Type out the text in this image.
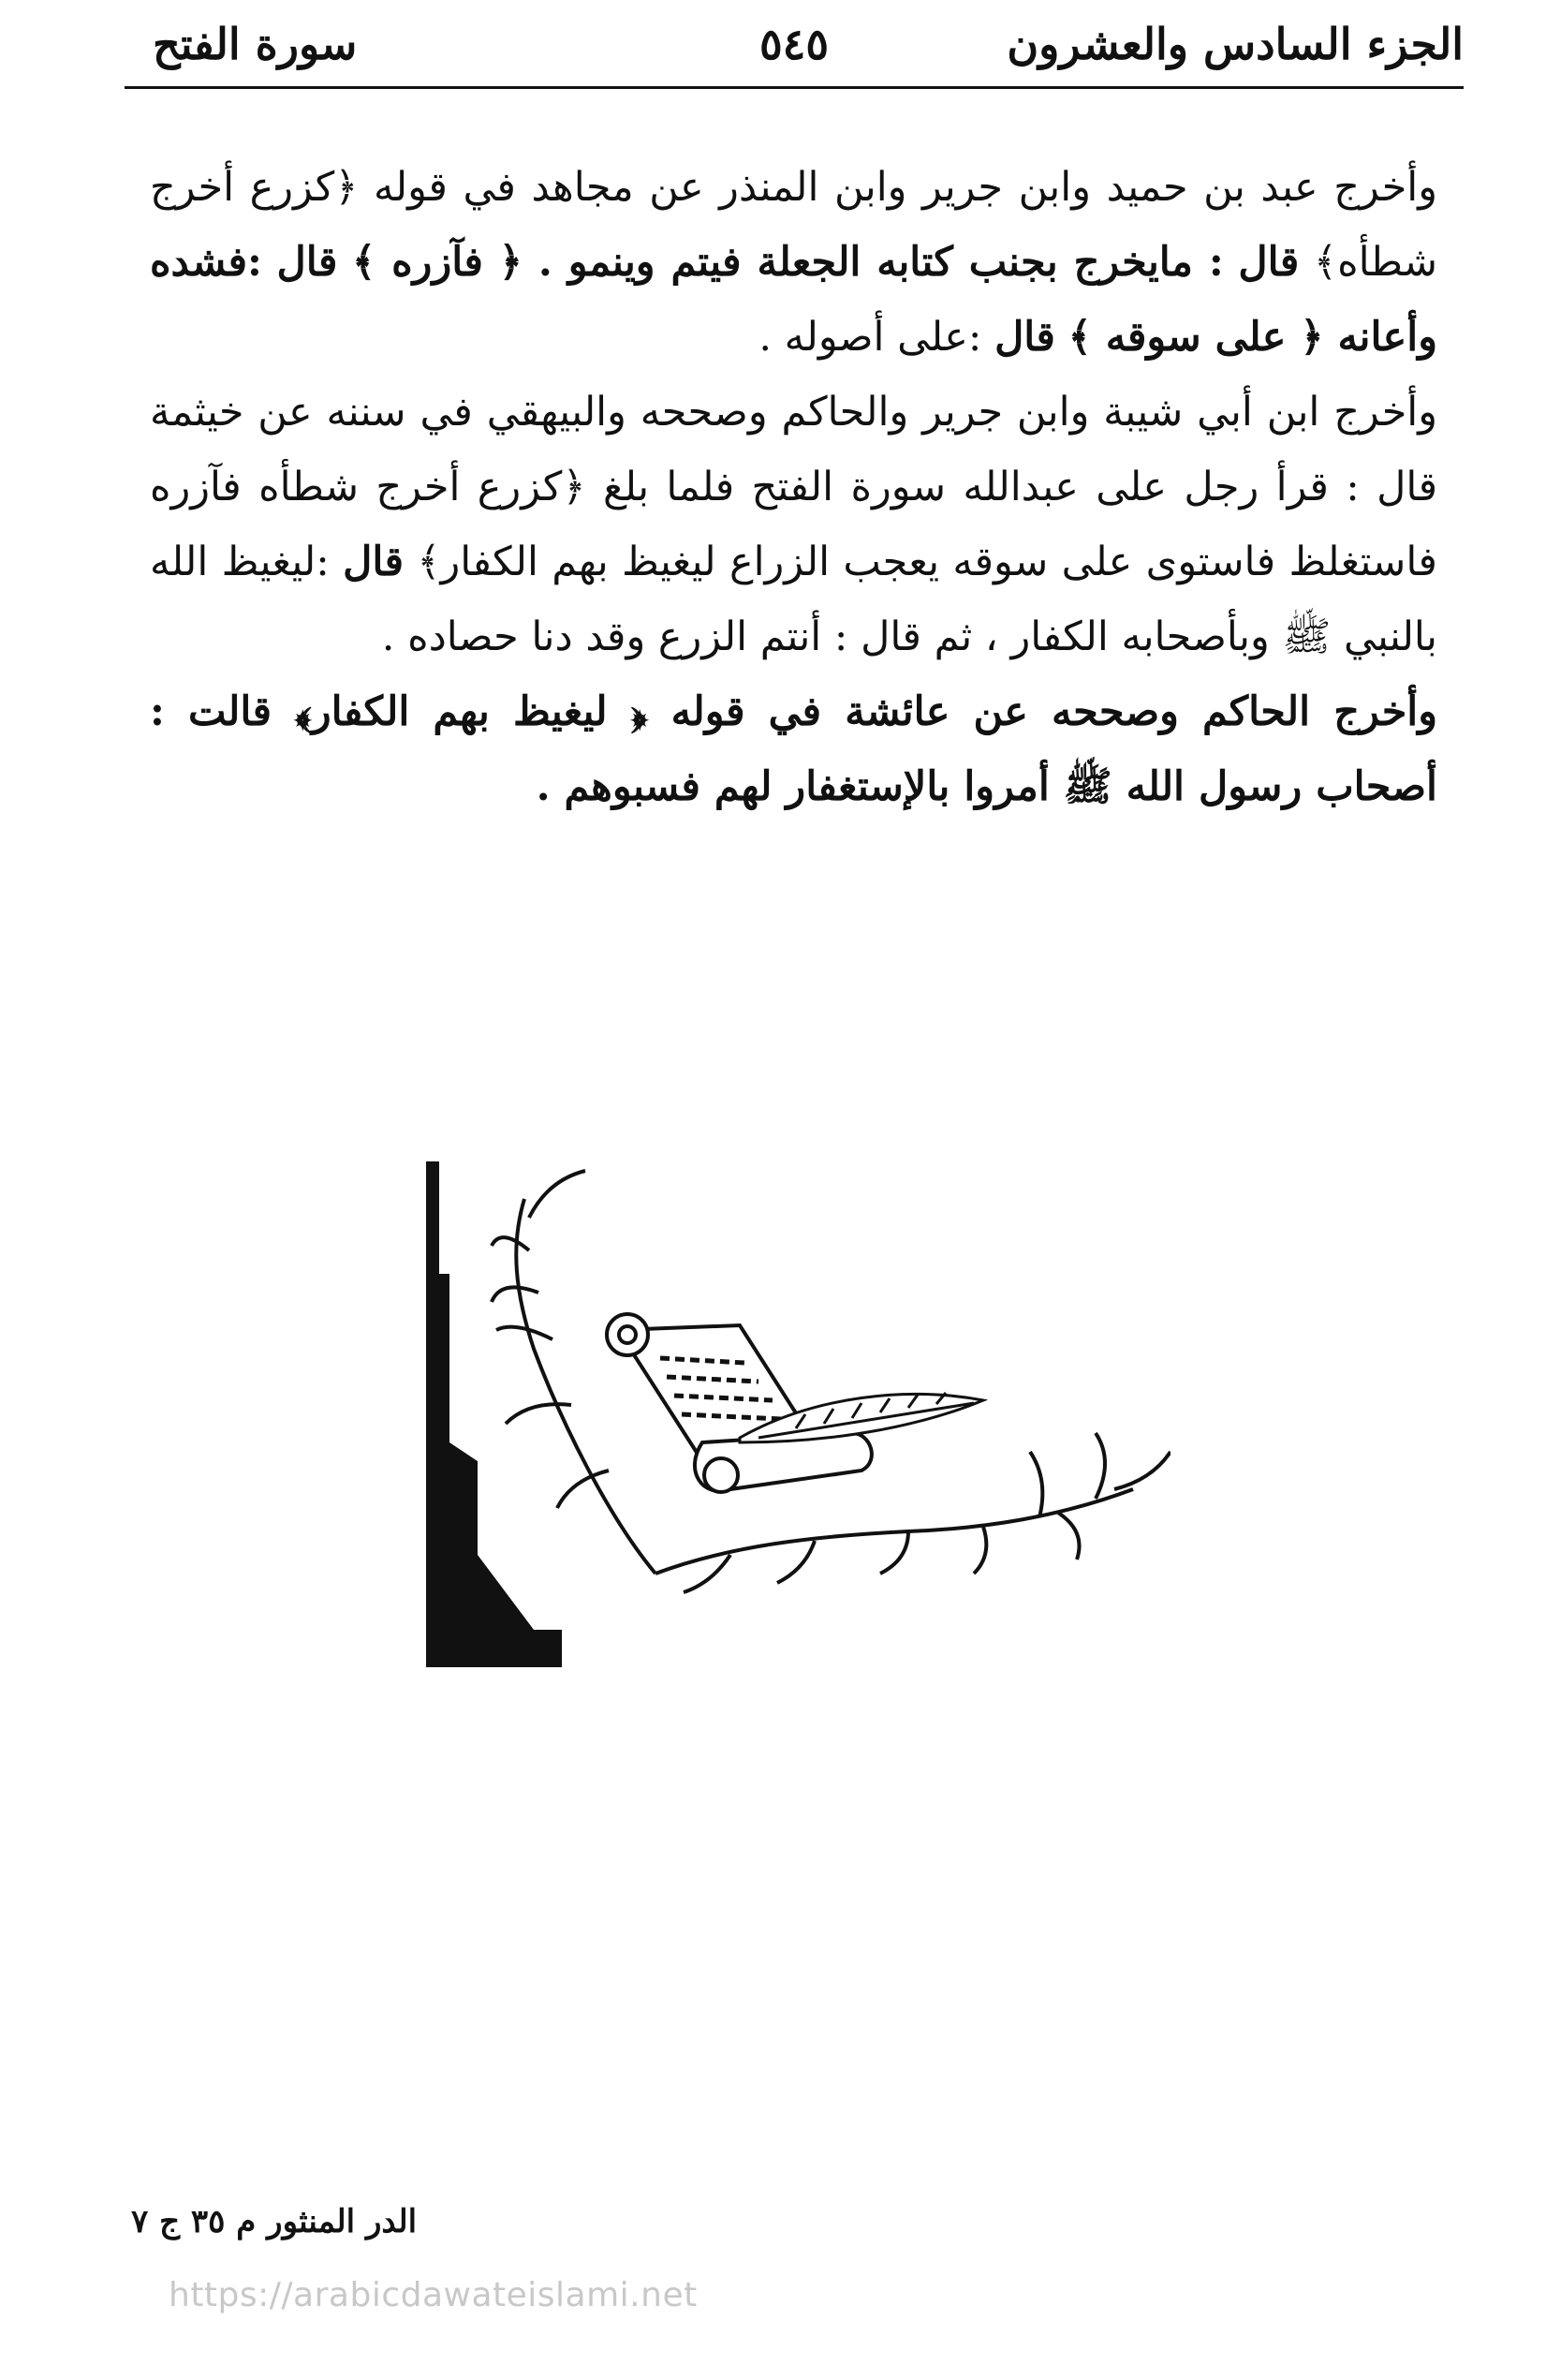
الجزء السادس والعشرون
٥٤٥
سورة الفتح

وأخرج عبد بن حميد وابن جرير وابن المنذر عن مجاهد في قوله ﴿كزرع أخرج شطأه﴾ قال : مايخرج بجنب كتابه الجعلة فيتم وينمو . ﴿ فآزره ﴾ قال :فشده وأعانه ﴿ على سوقه ﴾ قال :على أصوله .

وأخرج ابن أبي شيبة وابن جرير والحاكم وصححه والبيهقي في سننه عن خيثمة قال : قرأ رجل على عبدالله سورة الفتح فلما بلغ ﴿كزرع أخرج شطأه فآزره فاستغلظ فاستوى على سوقه يعجب الزراع ليغيظ بهم الكفار﴾ قال :ليغيظ الله بالنبي ﷺ وبأصحابه الكفار ، ثم قال : أنتم الزرع وقد دنا حصاده .

وأخرج الحاكم وصححه عن عائشة في قوله ﴿ ليغيظ بهم الكفار﴾ قالت : أصحاب رسول الله ﷺ أمروا بالإستغفار لهم فسبوهم .

الدر المنثور م ٣٥ ج ٧
https://arabicdawateislami.net
